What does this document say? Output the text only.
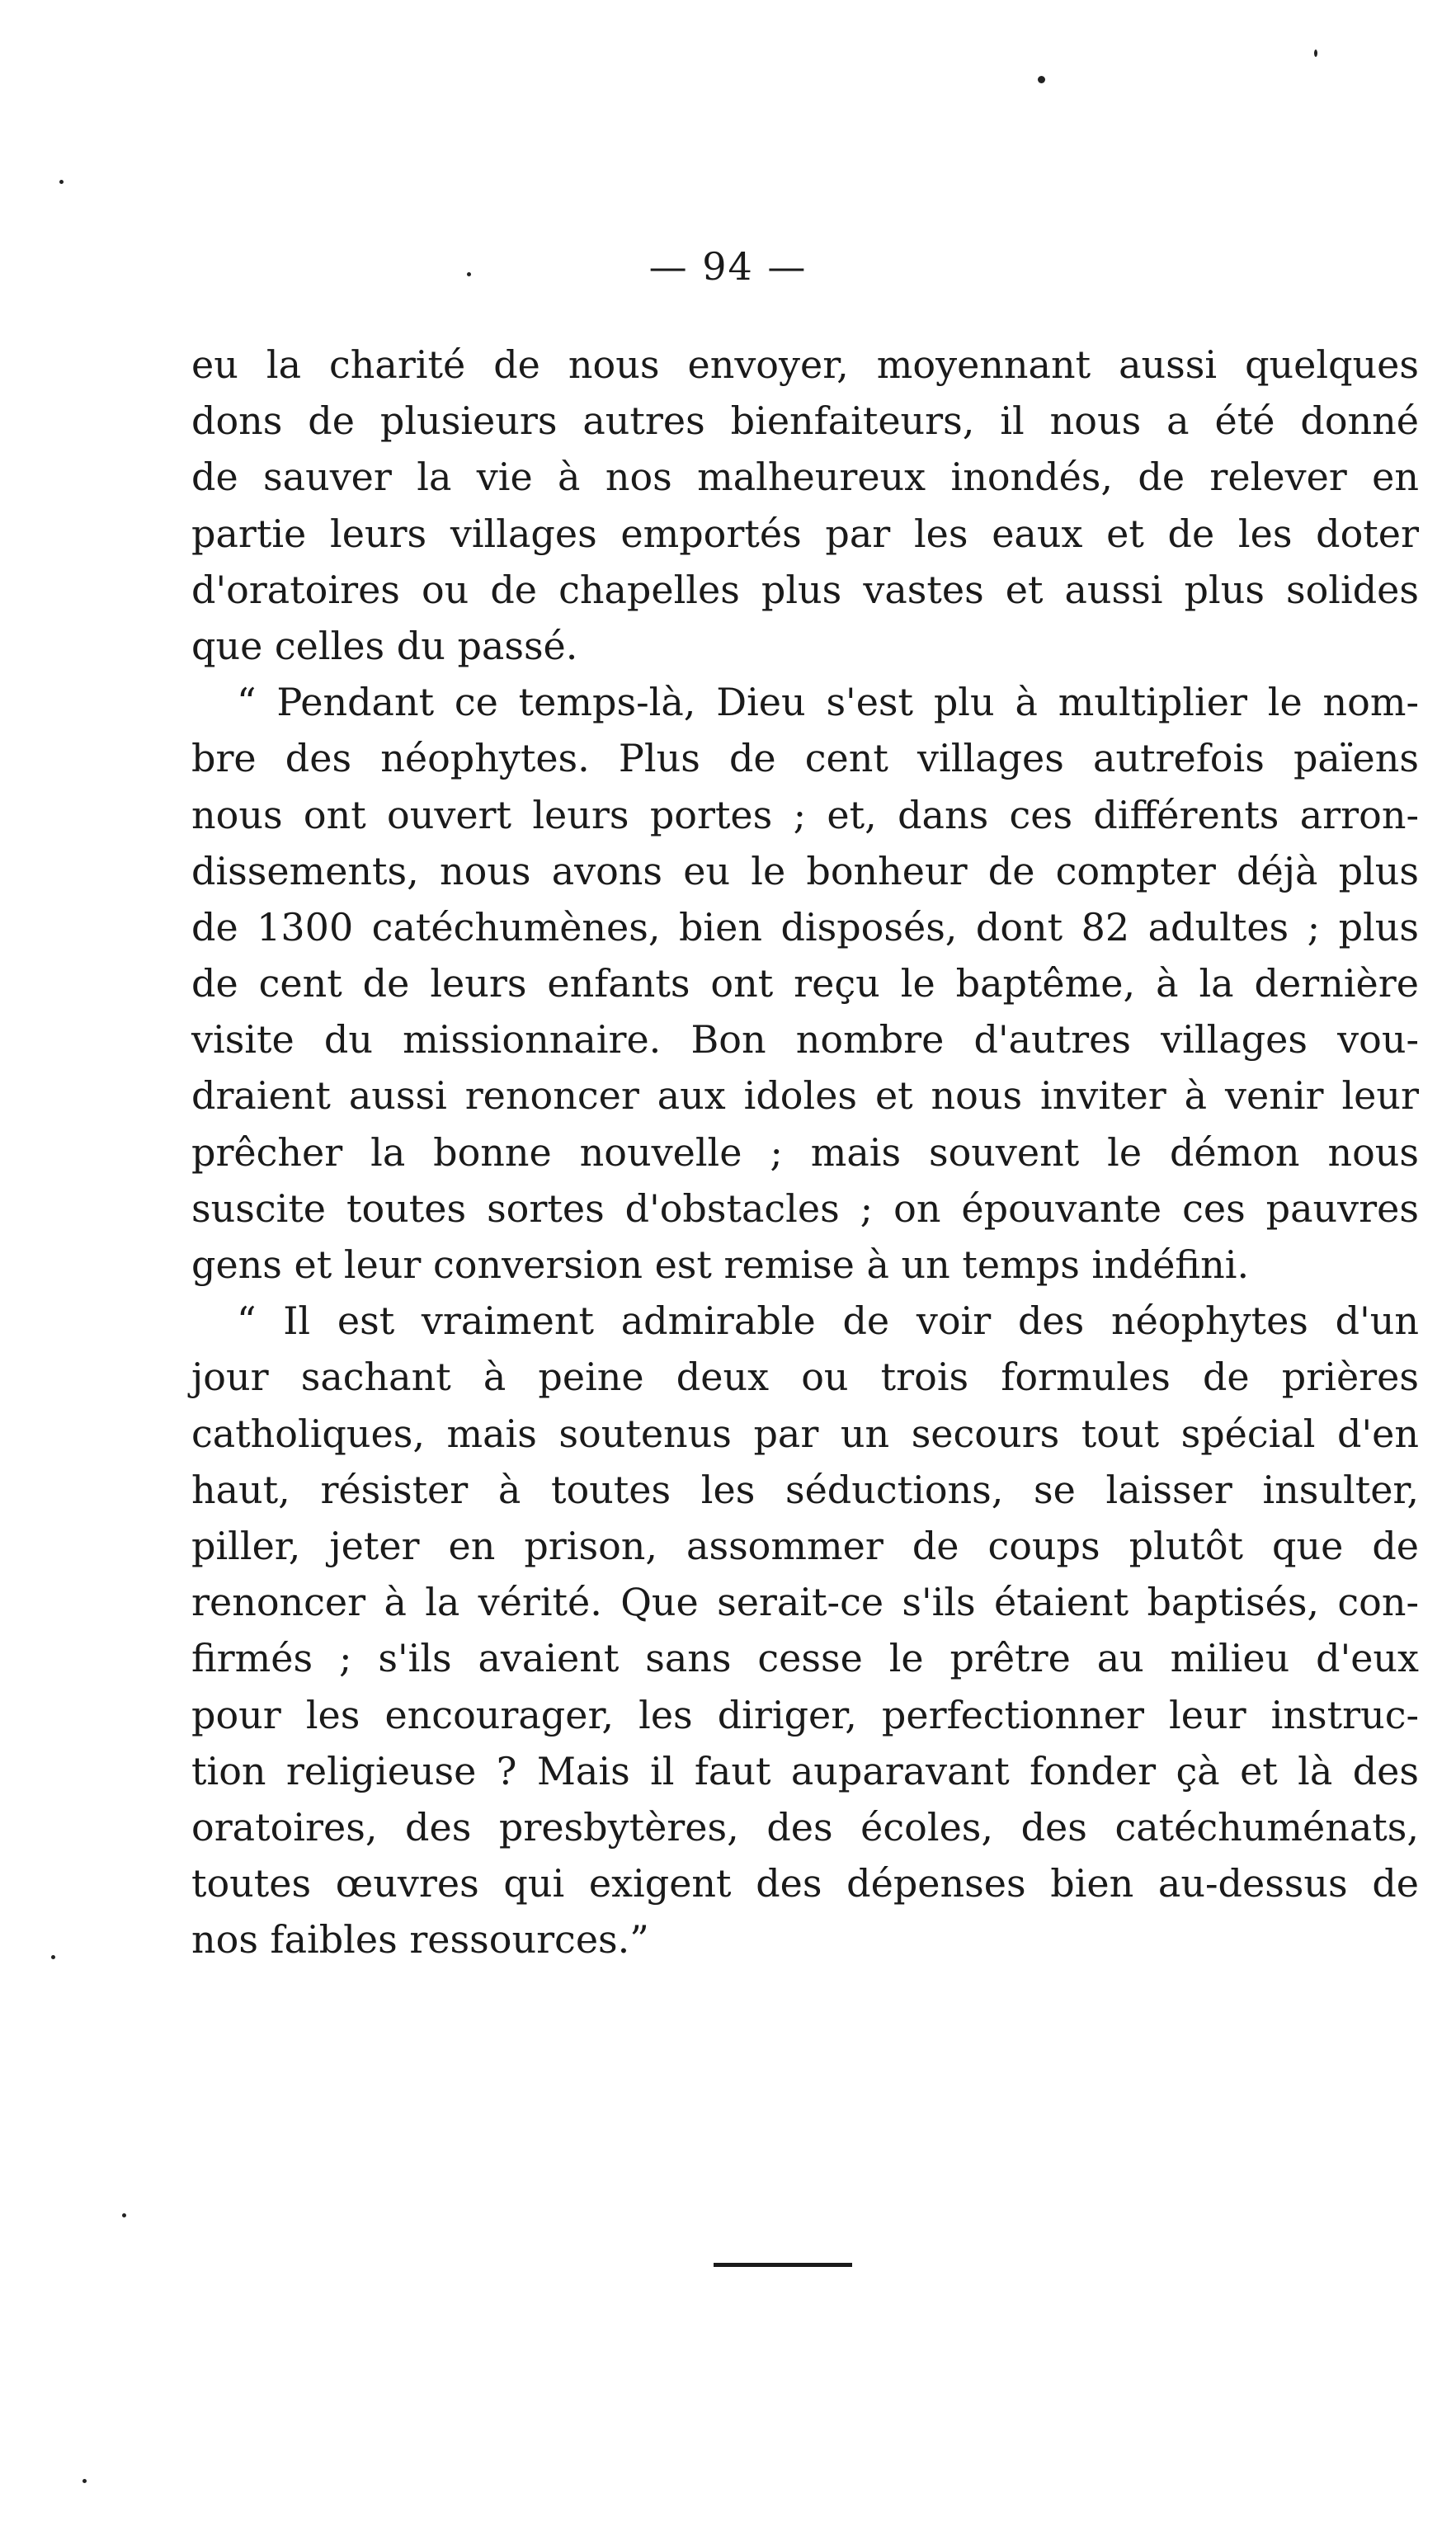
— 94 —
eu la charité de nous envoyer, moyennant aussi quelques
dons de plusieurs autres bienfaiteurs, il nous a été donné
de sauver la vie à nos malheureux inondés, de relever en
partie leurs villages emportés par les eaux et de les doter
d'oratoires ou de chapelles plus vastes et aussi plus solides
que celles du passé.
“ Pendant ce temps-là, Dieu s'est plu à multiplier le nom-
bre des néophytes. Plus de cent villages autrefois païens
nous ont ouvert leurs portes ; et, dans ces différents arron-
dissements, nous avons eu le bonheur de compter déjà plus
de 1300 catéchumènes, bien disposés, dont 82 adultes ; plus
de cent de leurs enfants ont reçu le baptême, à la dernière
visite du missionnaire. Bon nombre d'autres villages vou-
draient aussi renoncer aux idoles et nous inviter à venir leur
prêcher la bonne nouvelle ; mais souvent le démon nous
suscite toutes sortes d'obstacles ; on épouvante ces pauvres
gens et leur conversion est remise à un temps indéfini.
“ Il est vraiment admirable de voir des néophytes d'un
jour sachant à peine deux ou trois formules de prières
catholiques, mais soutenus par un secours tout spécial d'en
haut, résister à toutes les séductions, se laisser insulter,
piller, jeter en prison, assommer de coups plutôt que de
renoncer à la vérité. Que serait-ce s'ils étaient baptisés, con-
firmés ; s'ils avaient sans cesse le prêtre au milieu d'eux
pour les encourager, les diriger, perfectionner leur instruc-
tion religieuse ? Mais il faut auparavant fonder çà et là des
oratoires, des presbytères, des écoles, des catéchuménats,
toutes œuvres qui exigent des dépenses bien au-dessus de
nos faibles ressources.”
